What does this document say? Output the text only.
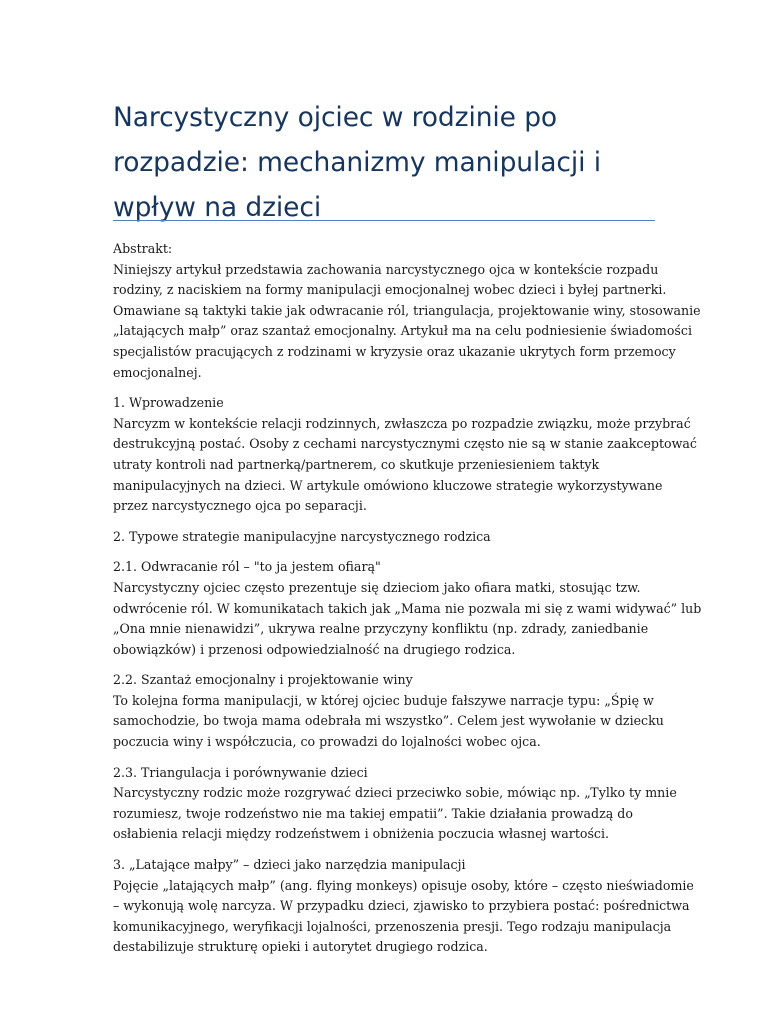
Narcystyczny ojciec w rodzinie po
rozpadzie: mechanizmy manipulacji i
wpływ na dzieci

Abstrakt:
Niniejszy artykuł przedstawia zachowania narcystycznego ojca w kontekście rozpadu
rodziny, z naciskiem na formy manipulacji emocjonalnej wobec dzieci i byłej partnerki.
Omawiane są taktyki takie jak odwracanie ról, triangulacja, projektowanie winy, stosowanie
„latających małp” oraz szantaż emocjonalny. Artykuł ma na celu podniesienie świadomości
specjalistów pracujących z rodzinami w kryzysie oraz ukazanie ukrytych form przemocy
emocjonalnej.

1. Wprowadzenie
Narcyzm w kontekście relacji rodzinnych, zwłaszcza po rozpadzie związku, może przybrać
destrukcyjną postać. Osoby z cechami narcystycznymi często nie są w stanie zaakceptować
utraty kontroli nad partnerką/partnerem, co skutkuje przeniesieniem taktyk
manipulacyjnych na dzieci. W artykule omówiono kluczowe strategie wykorzystywane
przez narcystycznego ojca po separacji.

2. Typowe strategie manipulacyjne narcystycznego rodzica

2.1. Odwracanie ról – "to ja jestem ofiarą"
Narcystyczny ojciec często prezentuje się dzieciom jako ofiara matki, stosując tzw.
odwrócenie ról. W komunikatach takich jak „Mama nie pozwala mi się z wami widywać” lub
„Ona mnie nienawidzi”, ukrywa realne przyczyny konfliktu (np. zdrady, zaniedbanie
obowiązków) i przenosi odpowiedzialność na drugiego rodzica.

2.2. Szantaż emocjonalny i projektowanie winy
To kolejna forma manipulacji, w której ojciec buduje fałszywe narracje typu: „Śpię w
samochodzie, bo twoja mama odebrała mi wszystko”. Celem jest wywołanie w dziecku
poczucia winy i współczucia, co prowadzi do lojalności wobec ojca.

2.3. Triangulacja i porównywanie dzieci
Narcystyczny rodzic może rozgrywać dzieci przeciwko sobie, mówiąc np. „Tylko ty mnie
rozumiesz, twoje rodzeństwo nie ma takiej empatii”. Takie działania prowadzą do
osłabienia relacji między rodzeństwem i obniżenia poczucia własnej wartości.

3. „Latające małpy” – dzieci jako narzędzia manipulacji
Pojęcie „latających małp” (ang. flying monkeys) opisuje osoby, które – często nieświadomie
– wykonują wolę narcyza. W przypadku dzieci, zjawisko to przybiera postać: pośrednictwa
komunikacyjnego, weryfikacji lojalności, przenoszenia presji. Tego rodzaju manipulacja
destabilizuje strukturę opieki i autorytet drugiego rodzica.
